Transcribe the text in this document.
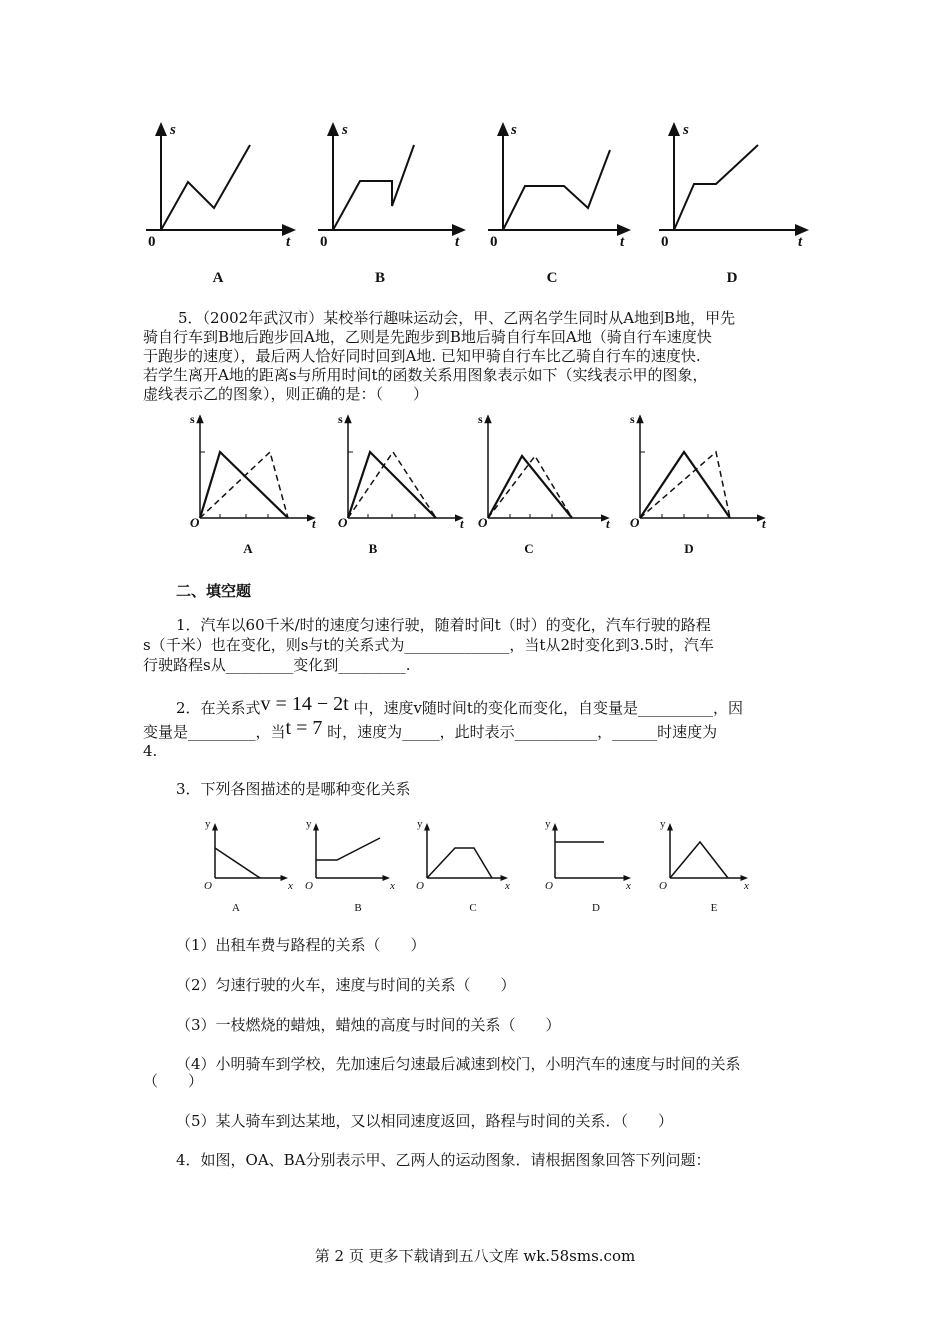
s	s	s	s
t	t	t	t
0	0	0	0
A	B	C	D

5．（2002年武汉市）某校举行趣味运动会，甲、乙两名学生同时从A地到B地，甲先

骑自行车到B地后跑步回A地，乙则是先跑步到B地后骑自行车回A地（骑自行车速度快

于跑步的速度），最后两人恰好同时回到A地. 已知甲骑自行车比乙骑自行车的速度快.

若学生离开A地的距离s与所用时间t的函数关系用图象表示如下（实线表示甲的图象，

虚线表示乙的图象），则正确的是：（　　）

s	s	s	s
t	t	t	t
O	O	O	O
A	B	C	D
二、填空题

1．汽车以60千米/时的速度匀速行驶，随着时间t（时）的变化，汽车行驶的路程

s（千米）也在变化，则s与t的关系式为______________，当t从2时变化到3.5时，汽车

行驶路程s从_________变化到_________.

2．在关系式v = 14 − 2t 中，速度v随时间t的变化而变化，自变量是__________，因

变量是_________，当t = 7 时，速度为_____，此时表示___________，______时速度为

4.

3．下列各图描述的是哪种变化关系

y	y	y	y	y
x	x	x	x	x
O	O	O	O	O
A	B	C	D	E

（1）出租车费与路程的关系（　　）

（2）匀速行驶的火车，速度与时间的关系（　　）

（3）一枝燃烧的蜡烛，蜡烛的高度与时间的关系（　　）

（4）小明骑车到学校，先加速后匀速最后减速到校门，小明汽车的速度与时间的关系

（　　）

（5）某人骑车到达某地，又以相同速度返回，路程与时间的关系．（　　）

4．如图，OA、BA分别表示甲、乙两人的运动图象．请根据图象回答下列问题：

第 2 页 更多下载请到五八文库 wk.58sms.com
